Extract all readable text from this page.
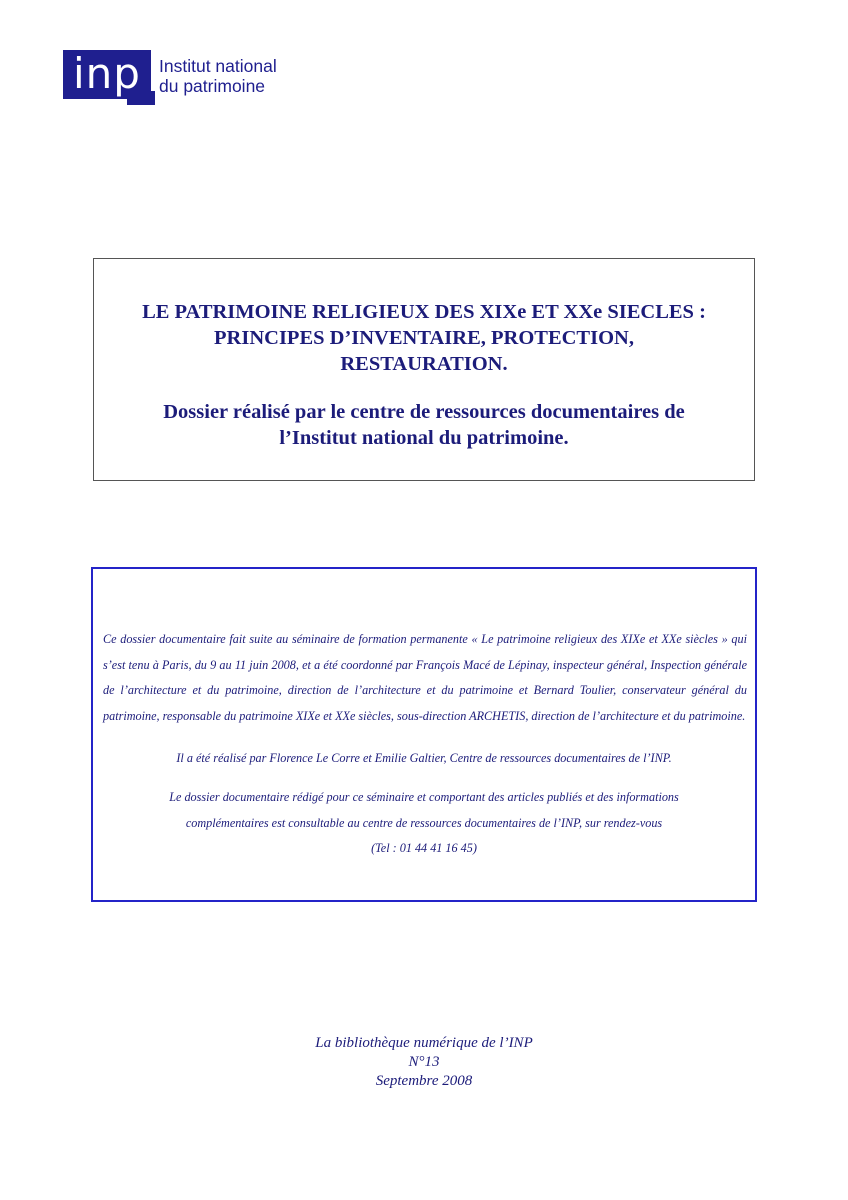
inp Institut national
du patrimoine
LE PATRIMOINE RELIGIEUX DES XIXe ET XXe SIECLES :
PRINCIPES D’INVENTAIRE, PROTECTION,
RESTAURATION.
Dossier réalisé par le centre de ressources documentaires de
l’Institut national du patrimoine.
Ce dossier documentaire fait suite au séminaire de formation permanente « Le patrimoine religieux des XIXe et XXe siècles » qui s’est tenu à Paris, du 9 au 11 juin 2008, et a été coordonné par François Macé de Lépinay, inspecteur général, Inspection générale de l’architecture et du patrimoine, direction de l’architecture et du patrimoine et Bernard Toulier, conservateur général du patrimoine, responsable du patrimoine XIXe et XXe siècles, sous-direction ARCHETIS, direction de l’architecture et du patrimoine.
Il a été réalisé par Florence Le Corre et Emilie Galtier, Centre de ressources documentaires de l’INP.
Le dossier documentaire rédigé pour ce séminaire et comportant des articles publiés et des informations
complémentaires est consultable au centre de ressources documentaires de l’INP, sur rendez-vous
(Tel : 01 44 41 16 45)
La bibliothèque numérique de l’INP
N°13
Septembre 2008
